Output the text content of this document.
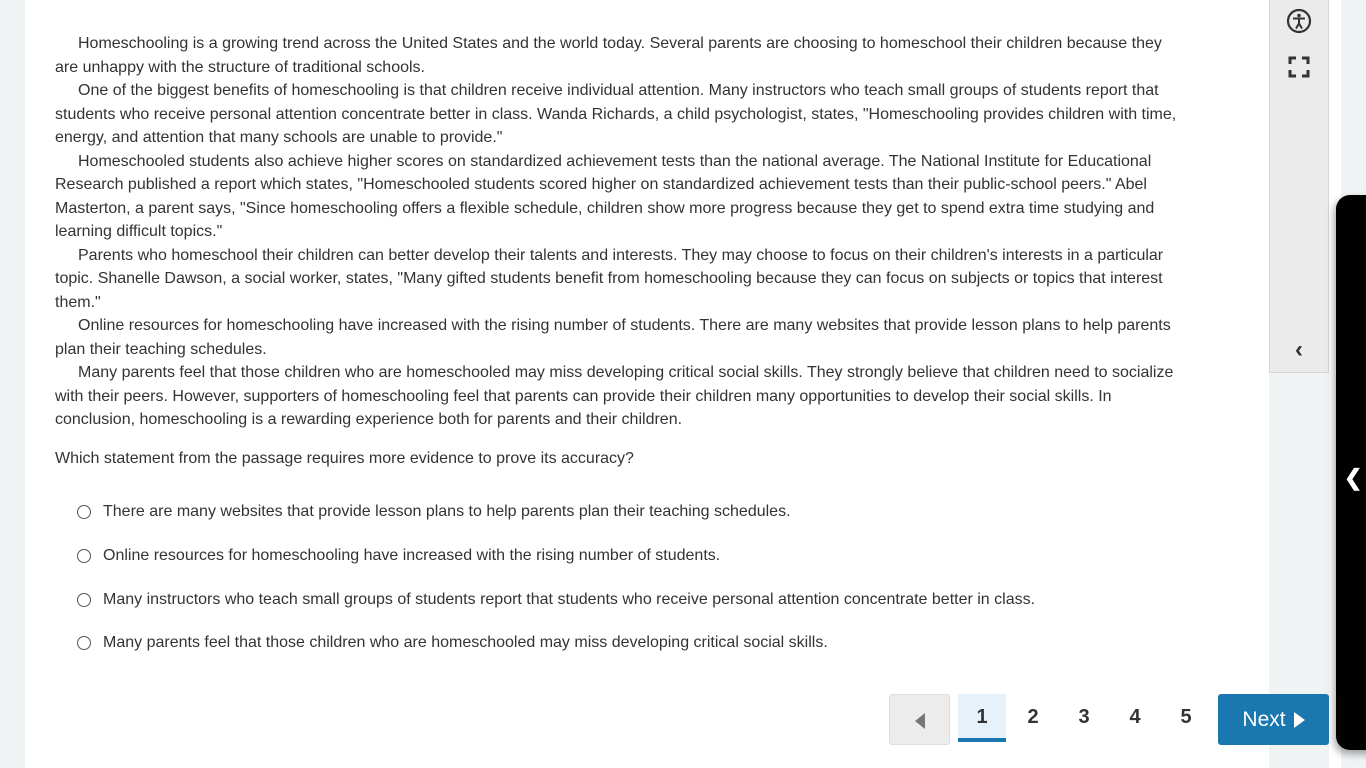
Homeschooling is a growing trend across the United States and the world today. Several parents are choosing to homeschool their children because they are unhappy with the structure of traditional schools.

One of the biggest benefits of homeschooling is that children receive individual attention. Many instructors who teach small groups of students report that students who receive personal attention concentrate better in class. Wanda Richards, a child psychologist, states, "Homeschooling provides children with time, energy, and attention that many schools are unable to provide."

Homeschooled students also achieve higher scores on standardized achievement tests than the national average. The National Institute for Educational Research published a report which states, "Homeschooled students scored higher on standardized achievement tests than their public-school peers." Abel Masterton, a parent says, "Since homeschooling offers a flexible schedule, children show more progress because they get to spend extra time studying and learning difficult topics."

Parents who homeschool their children can better develop their talents and interests. They may choose to focus on their children's interests in a particular topic. Shanelle Dawson, a social worker, states, "Many gifted students benefit from homeschooling because they can focus on subjects or topics that interest them."

Online resources for homeschooling have increased with the rising number of students. There are many websites that provide lesson plans to help parents plan their teaching schedules.

Many parents feel that those children who are homeschooled may miss developing critical social skills. They strongly believe that children need to socialize with their peers. However, supporters of homeschooling feel that parents can provide their children many opportunities to develop their social skills. In conclusion, homeschooling is a rewarding experience both for parents and their children.

Which statement from the passage requires more evidence to prove its accuracy?
There are many websites that provide lesson plans to help parents plan their teaching schedules.
Online resources for homeschooling have increased with the rising number of students.
Many instructors who teach small groups of students report that students who receive personal attention concentrate better in class.
Many parents feel that those children who are homeschooled may miss developing critical social skills.
‹
❮
1	2	3	4	5	Next
